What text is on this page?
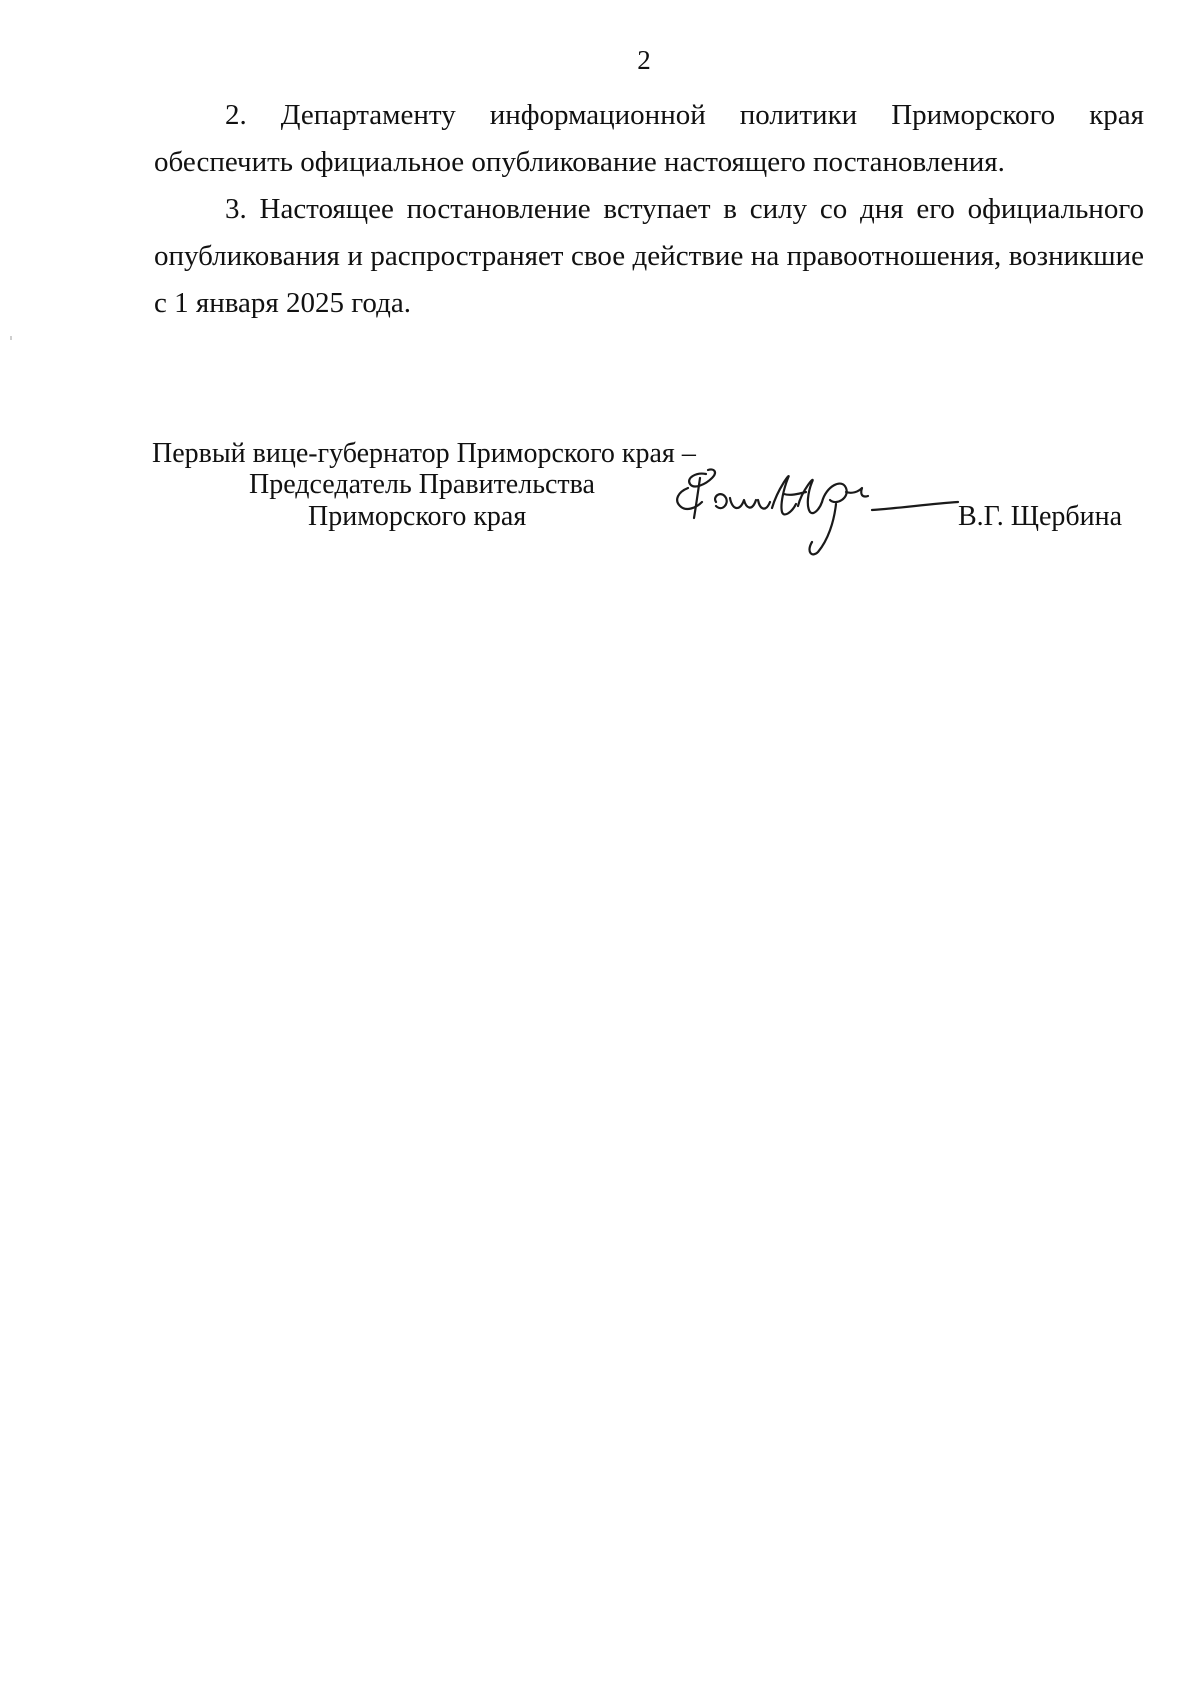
2

2. Департаменту информационной политики Приморского края обеспечить официальное опубликование настоящего постановления.

3. Настоящее постановление вступает в силу со дня его официального опубликования и распространяет свое действие на правоотношения, возникшие с 1 января 2025 года.

Первый вице-губернатор Приморского края –
Председатель Правительства
Приморского края	В.Г. Щербина
